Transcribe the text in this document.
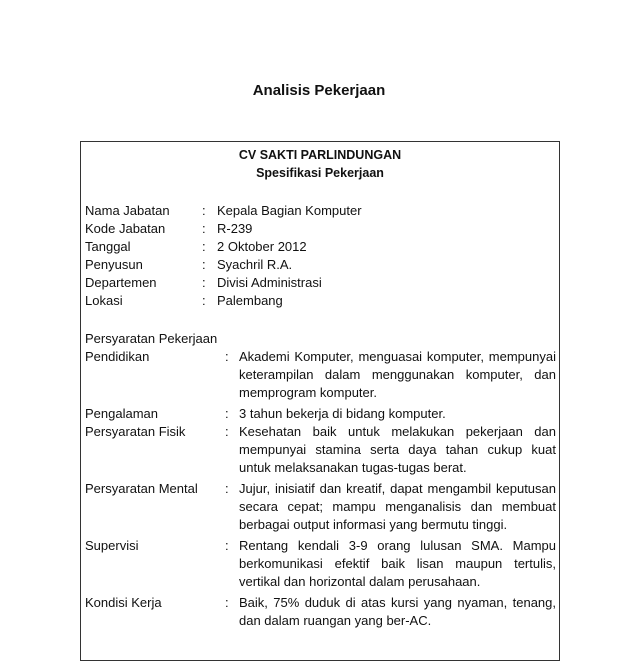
Analisis Pekerjaan
CV SAKTI PARLINDUNGAN
Spesifikasi Pekerjaan
Nama Jabatan : Kepala Bagian Komputer
Kode Jabatan	: R-239
Tanggal	: 2 Oktober 2012
Penyusun	: Syachril R.A.
Departemen	: Divisi Administrasi
Lokasi	: Palembang
Persyaratan Pekerjaan
Pendidikan	: Akademi Komputer, menguasai komputer, mempunyai keterampilan dalam menggunakan komputer, dan memprogram komputer.
Pengalaman	: 3 tahun bekerja di bidang komputer.
Persyaratan Fisik	: Kesehatan baik untuk melakukan pekerjaan dan mempunyai stamina serta daya tahan cukup kuat untuk melaksanakan tugas-tugas berat.
Persyaratan Mental : Jujur, inisiatif dan kreatif, dapat mengambil keputusan secara cepat; mampu menganalisis dan membuat berbagai output informasi yang bermutu tinggi.
Supervisi	: Rentang kendali 3-9 orang lulusan SMA. Mampu berkomunikasi efektif baik lisan maupun tertulis, vertikal dan horizontal dalam perusahaan.
Kondisi Kerja	: Baik, 75% duduk di atas kursi yang nyaman, tenang, dan dalam ruangan yang ber-AC.
